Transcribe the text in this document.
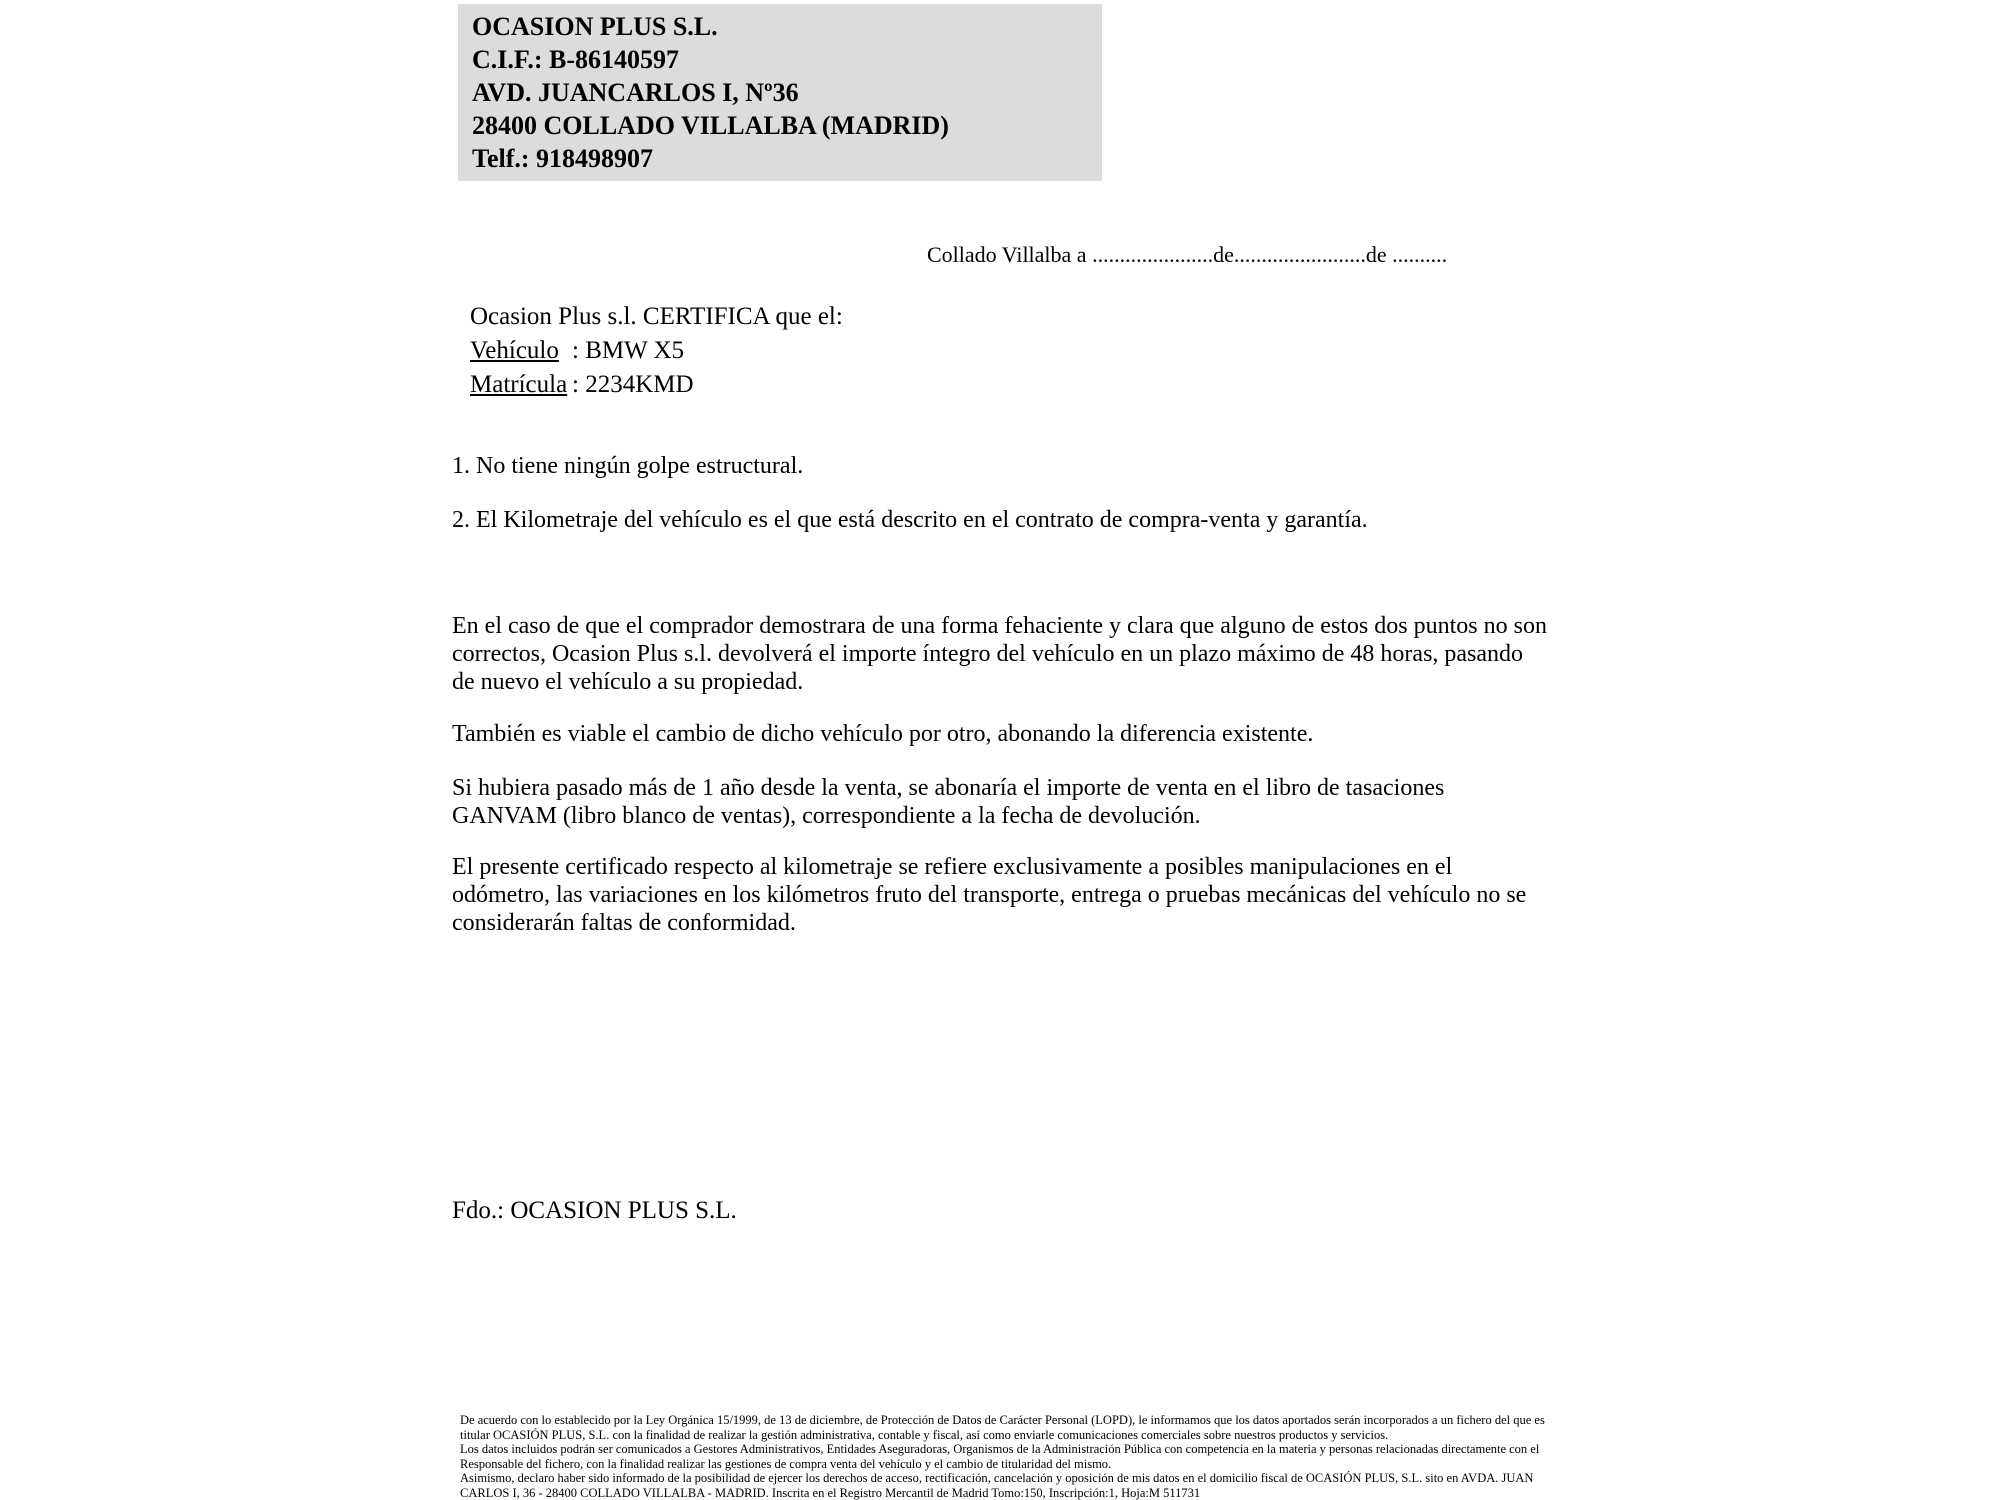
OCASION PLUS S.L.
C.I.F.: B-86140597
AVD. JUANCARLOS I, Nº36
28400 COLLADO VILLALBA (MADRID)
Telf.: 918498907
Collado Villalba a ......................de........................de ..........
Ocasion Plus s.l. CERTIFICA que el:
Vehículo : BMW X5
Matrícula : 2234KMD
1. No tiene ningún golpe estructural.
2. El Kilometraje del vehículo es el que está descrito en el contrato de compra-venta y garantía.
En el caso de que el comprador demostrara de una forma fehaciente y clara que alguno de estos dos puntos no son correctos, Ocasion Plus s.l. devolverá el importe íntegro del vehículo en un plazo máximo de 48 horas, pasando de nuevo el vehículo a su propiedad.
También es viable el cambio de dicho vehículo por otro, abonando la diferencia existente.
Si hubiera pasado más de 1 año desde la venta, se abonaría el importe de venta en el libro de tasaciones GANVAM (libro blanco de ventas), correspondiente a la fecha de devolución.
El presente certificado respecto al kilometraje se refiere exclusivamente a posibles manipulaciones en el odómetro, las variaciones en los kilómetros fruto del transporte, entrega o pruebas mecánicas del vehículo no se considerarán faltas de conformidad.
Fdo.: OCASION PLUS S.L.

De acuerdo con lo establecido por la Ley Orgánica 15/1999, de 13 de diciembre, de Protección de Datos de Carácter Personal (LOPD), le informamos que los datos aportados serán incorporados a un fichero del que es titular OCASIÓN PLUS, S.L. con la finalidad de realizar la gestión administrativa, contable y fiscal, así como enviarle comunicaciones comerciales sobre nuestros productos y servicios.

Los datos incluidos podrán ser comunicados a Gestores Administrativos, Entidades Aseguradoras, Organismos de la Administración Pública con competencia en la materia y personas relacionadas directamente con el Responsable del fichero, con la finalidad realizar las gestiones de compra venta del vehículo y el cambio de titularidad del mismo.

Asimismo, declaro haber sido informado de la posibilidad de ejercer los derechos de acceso, rectificación, cancelación y oposición de mis datos en el domicilio fiscal de OCASIÓN PLUS, S.L. sito en AVDA. JUAN CARLOS I, 36 - 28400 COLLADO VILLALBA - MADRID. Inscrita en el Registro Mercantil de Madrid Tomo:150, Inscripción:1, Hoja:M 511731
